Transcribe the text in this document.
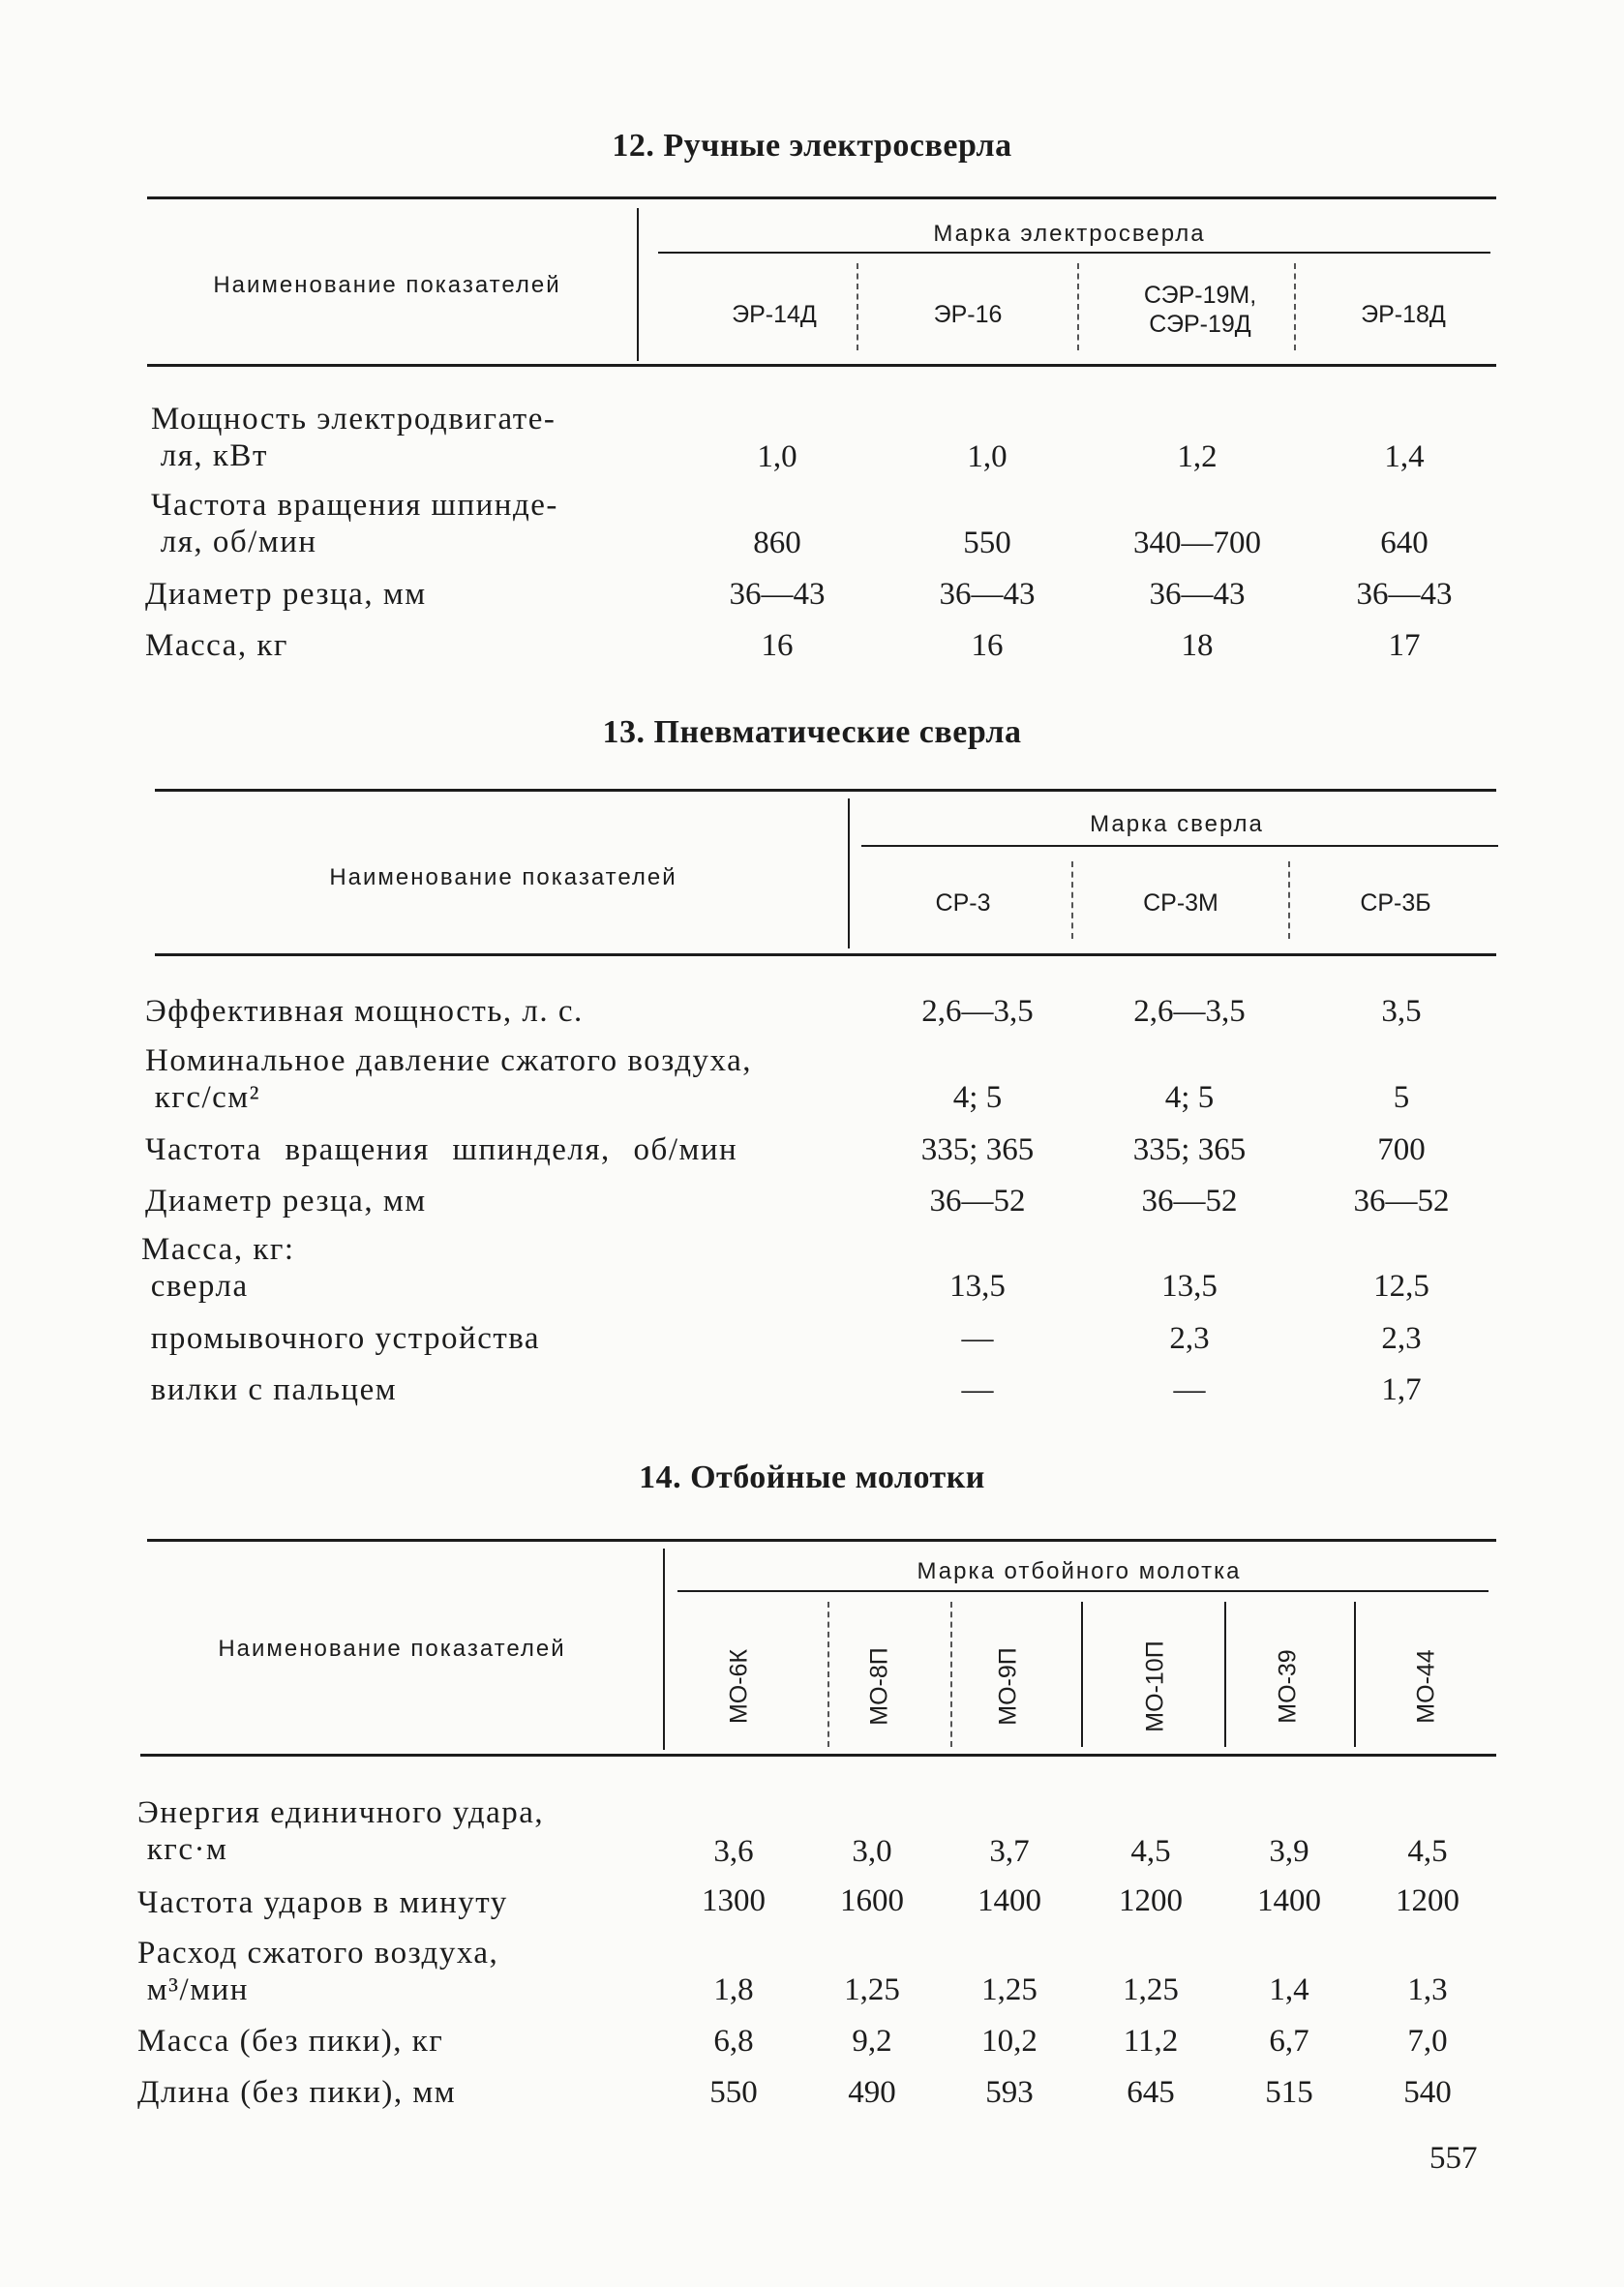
12. Ручные электросверла
Наименование показателей
Марка электросверла
ЭР-14Д	ЭР-16
СЭР-19М,
СЭР-19Д	ЭР-18Д
Мощность электродвигате-
ля, кВт	1,0	1,0	1,2	1,4
Частота вращения шпинде-
ля, об/мин	860	550	340—700	640
Диаметр резца, мм	36—43	36—43	36—43	36—43
Масса, кг	16	16	18	17
13. Пневматические сверла
Наименование показателей
Марка сверла
СР-3	СР-3М	СР-3Б
Эффективная мощность, л. с.	2,6—3,5	2,6—3,5	3,5
Номинальное давление сжатого воздуха,
кгс/см²	4; 5	4; 5	5
Частота вращения шпинделя, об/мин	335; 365	335; 365	700
Диаметр резца, мм	36—52	36—52	36—52
Масса, кг:
сверла	13,5	13,5	12,5
промывочного устройства	—	2,3	2,3
вилки с пальцем	—	—	1,7
14. Отбойные молотки
Наименование показателей
Марка отбойного молотка
МО-6К	МО-8П	МО-9П	МО-10П	МО-39	МО-44
Энергия единичного удара,
кгс·м	3,6	3,0	3,7	4,5	3,9	4,5
Частота ударов в минуту	1300	1600	1400	1200	1400	1200
Расход сжатого воздуха,
м³/мин	1,8	1,25	1,25	1,25	1,4	1,3
Масса (без пики), кг	6,8	9,2	10,2	11,2	6,7	7,0
Длина (без пики), мм	550	490	593	645	515	540
557
